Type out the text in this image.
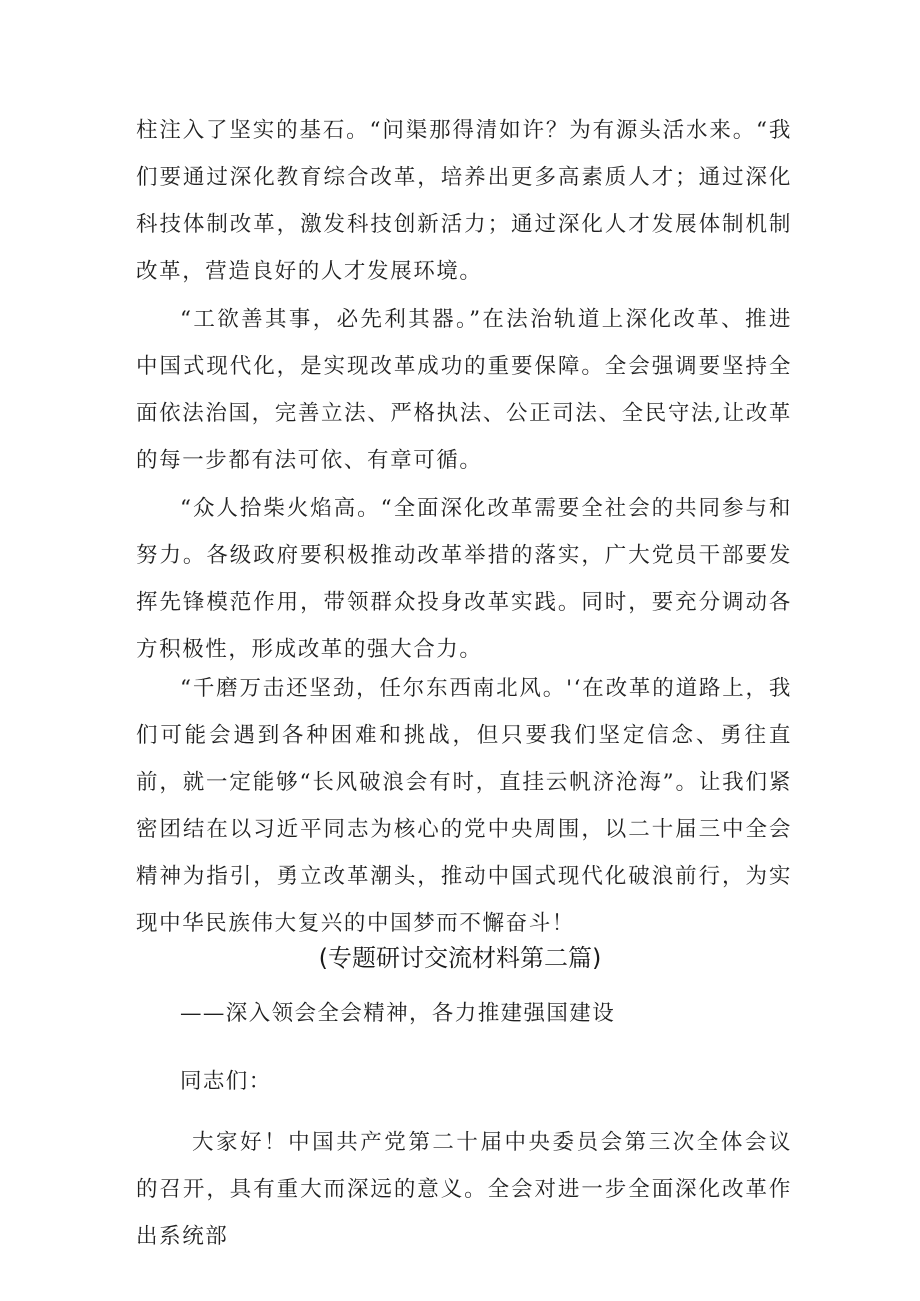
柱注入了坚实的基石。“问渠那得清如许？为有源头活水来。“我们要通过深化教育综合改革，培养出更多高素质人才；通过深化科技体制改革，激发科技创新活力；通过深化人才发展体制机制改革，营造良好的人才发展环境。

“工欲善其事，必先利其器。”在法治轨道上深化改革、推进中国式现代化，是实现改革成功的重要保障。全会强调要坚持全面依法治国，完善立法、严格执法、公正司法、全民守法,让改革的每一步都有法可依、有章可循。

“众人拾柴火焰高。“全面深化改革需要全社会的共同参与和努力。各级政府要积极推动改革举措的落实，广大党员干部要发挥先锋模范作用，带领群众投身改革实践。同时，要充分调动各方积极性，形成改革的强大合力。

“千磨万击还坚劲，任尔东西南北风。'‘在改革的道路上，我们可能会遇到各种困难和挑战，但只要我们坚定信念、勇往直前，就一定能够“长风破浪会有时，直挂云帆济沧海”。让我们紧密团结在以习近平同志为核心的党中央周围，以二十届三中全会精神为指引，勇立改革潮头，推动中国式现代化破浪前行，为实现中华民族伟大复兴的中国梦而不懈奋斗！

(专题研讨交流材料第二篇)

——深入领会全会精神，各力推建强国建设

同志们：

大家好！中国共产党第二十届中央委员会第三次全体会议的召开，具有重大而深远的意义。全会对进一步全面深化改革作出系统部
